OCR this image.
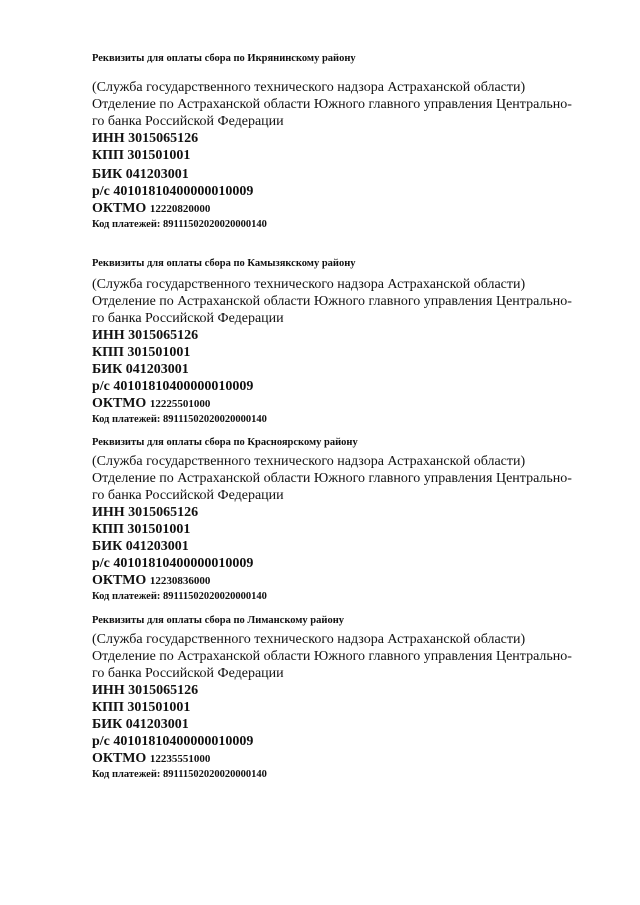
Реквизиты для оплаты сбора по Икрянинскому району
(Служба государственного технического надзора Астраханской области)
Отделение по Астраханской области Южного главного управления Центрально-
го банка Российской Федерации
ИНН 3015065126
КПП 301501001
БИК 041203001
р/с 40101810400000010009
ОКТМО 12220820000
Код платежей: 89111502020020000140
Реквизиты для оплаты сбора по Камызякскому району
(Служба государственного технического надзора Астраханской области)
Отделение по Астраханской области Южного главного управления Центрально-
го банка Российской Федерации
ИНН 3015065126
КПП 301501001
БИК 041203001
р/с 40101810400000010009
ОКТМО 12225501000
Код платежей: 89111502020020000140
Реквизиты для оплаты сбора по Красноярскому району
(Служба государственного технического надзора Астраханской области)
Отделение по Астраханской области Южного главного управления Центрально-
го банка Российской Федерации
ИНН 3015065126
КПП 301501001
БИК 041203001
р/с 40101810400000010009
ОКТМО 12230836000
Код платежей: 89111502020020000140
Реквизиты для оплаты сбора по Лиманскому району
(Служба государственного технического надзора Астраханской области)
Отделение по Астраханской области Южного главного управления Центрально-
го банка Российской Федерации
ИНН 3015065126
КПП 301501001
БИК 041203001
р/с 40101810400000010009
ОКТМО 12235551000
Код платежей: 89111502020020000140
